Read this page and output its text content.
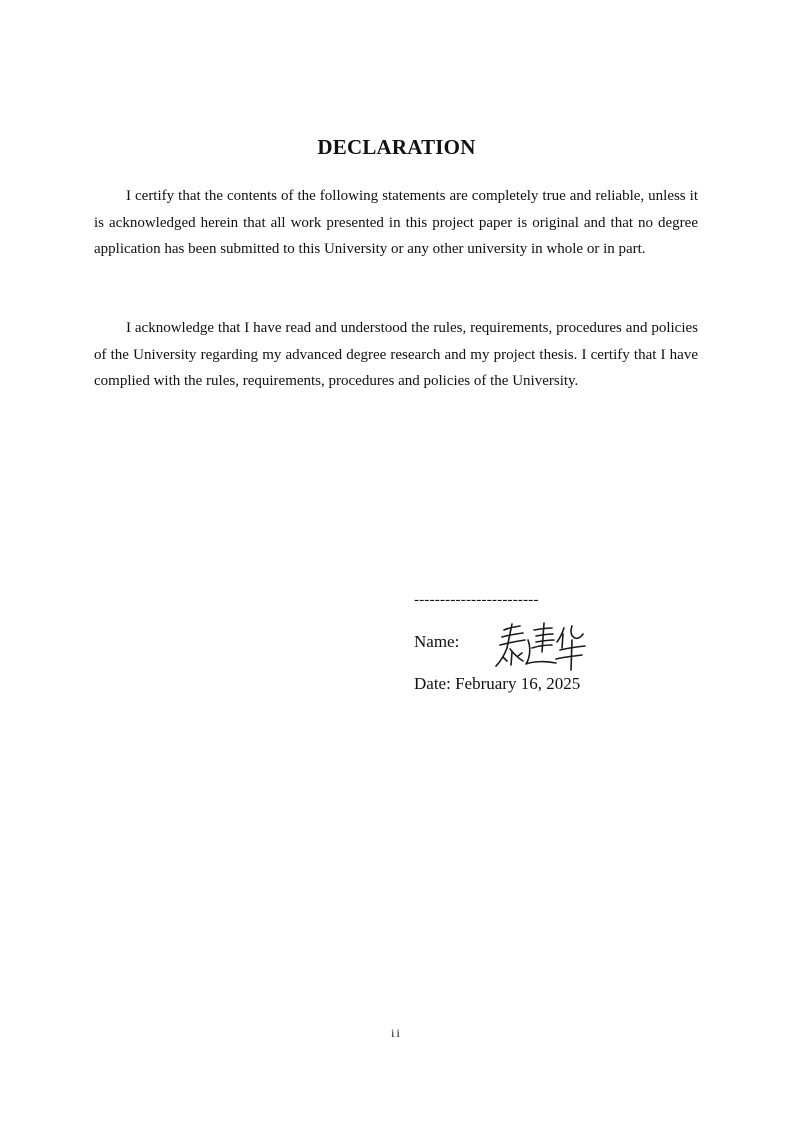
DECLARATION

I certify that the contents of the following statements are completely true and reliable, unless it is acknowledged herein that all work presented in this project paper is original and that no degree application has been submitted to this University or any other university in whole or in part.

I acknowledge that I have read and understood the rules, requirements, procedures and policies of the University regarding my advanced degree research and my project thesis. I certify that I have complied with the rules, requirements, procedures and policies of the University.

------------------------
Name:
Date: February 16, 2025
ii
